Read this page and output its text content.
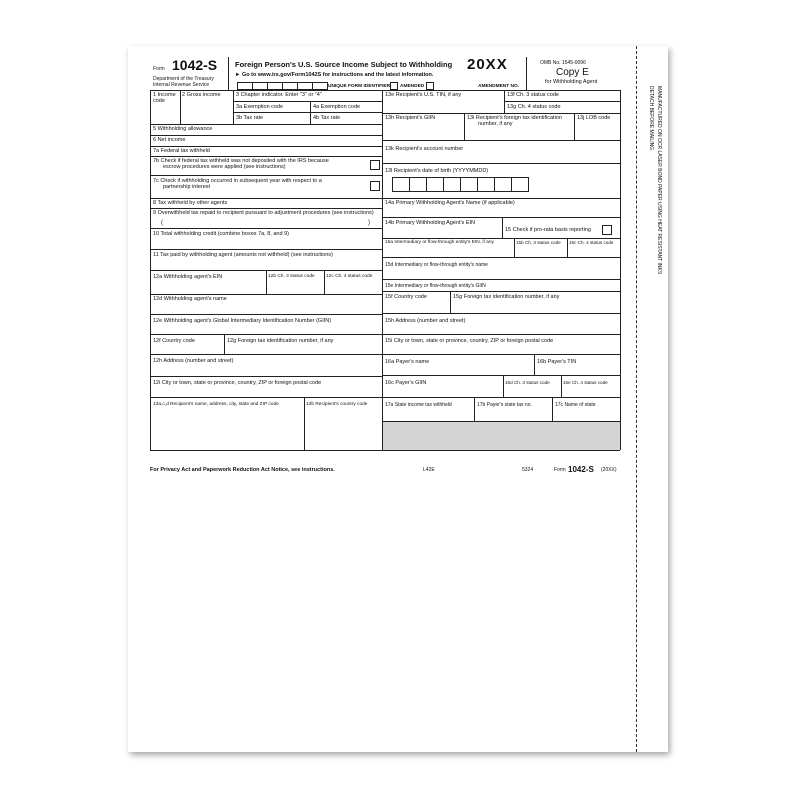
Form 1042-S
Department of the Treasury
Internal Revenue Service
Foreign Person's U.S. Source Income Subject to Withholding
► Go to www.irs.gov/Form1042S for instructions and the latest information.
20XX	OMB No. 1545-0096
Copy E
for Withholding Agent
UNIQUE FORM IDENTIFIER AMENDED	AMENDMENT NO.
1 Income
code
2 Gross income	3 Chapter indicator. Enter "3" or "4"
3a Exemption code	4a Exemption code
3b Tax rate	4b Tax rate
5 Withholding allowance
6 Net income
7a Federal tax withheld
7b Check if federal tax withheld was not deposited with the IRS because
escrow procedures were applied (see instructions)
7c Check if withholding occurred in subsequent year with respect to a
partnership interest
8 Tax withheld by other agents
9 Overwithheld tax repaid to recipient pursuant to adjustment procedures (see instructions)
(	)
10 Total withholding credit (combine boxes 7a, 8, and 9)
11 Tax paid by withholding agent (amounts not withheld) (see instructions)
12a Withholding agent's EIN	12b Ch. 3 status code 12c Ch. 4 status code
12d Withholding agent's name
12e Withholding agent's Global Intermediary Identification Number (GIIN)
12f Country code	12g Foreign tax identification number, if any
12h Address (number and street)
12i City or town, state or province, country, ZIP or foreign postal code
13a,c,d Recipient's name, address, city, state and ZIP code	13b Recipient's country code
13e Recipient's U.S. TIN, if any	13f Ch. 3 status code
13g Ch. 4 status code
13h Recipient's GIIN	13i Recipient's foreign tax identification
number, if any
13j LOB code
13k Recipient's account number
13l Recipient's date of birth (YYYYMMDD)
14a Primary Withholding Agent's Name (if applicable)
14b Primary Withholding Agent's EIN
15 Check if pro-rata basis reporting
15a Intermediary or flow-through entity's EIN, if any	15b Ch. 3 status code 15c Ch. 4 status code
15d Intermediary or flow-through entity's name
15e Intermediary or flow-through entity's GIIN
15f Country code	15g Foreign tax identification number, if any
15h Address (number and street)
15i City or town, state or province, country, ZIP or foreign postal code
16a Payer's name	16b Payer's TIN
16c Payer's GIIN	16d Ch. 3 status code	16e Ch. 4 status code
17a State income tax withheld	17b Payer's state tax no.	17c Name of state
For Privacy Act and Paperwork Reduction Act Notice, see instructions.	L42E	5324	Form 1042-S (20XX)
DETACH BEFORE MAILING MANUFACTURED ON OCR LASER BOND PAPER USING HEAT RESISTANT INKS
